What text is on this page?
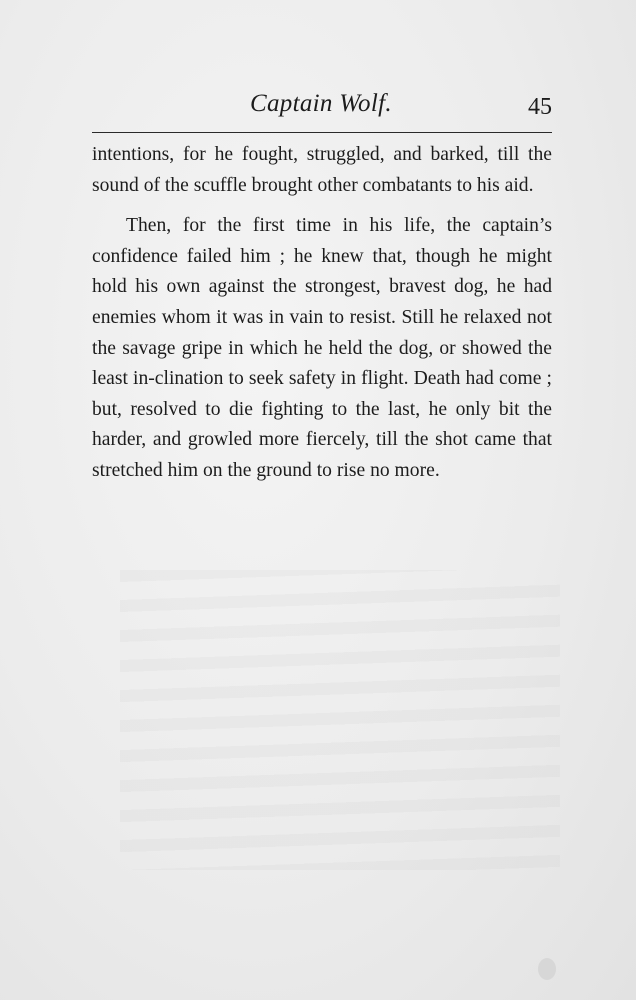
Captain Wolf.	45

intentions, for he fought, struggled, and barked, till the sound of the scuffle brought other combatants to his aid.

Then, for the first time in his life, the captain’s confidence failed him ; he knew that, though he might hold his own against the strongest, bravest dog, he had enemies whom it was in vain to resist. Still he relaxed not the savage gripe in which he held the dog, or showed the least in-clination to seek safety in flight. Death had come ; but, resolved to die fighting to the last, he only bit the harder, and growled more fiercely, till the shot came that stretched him on the ground to rise no more.
